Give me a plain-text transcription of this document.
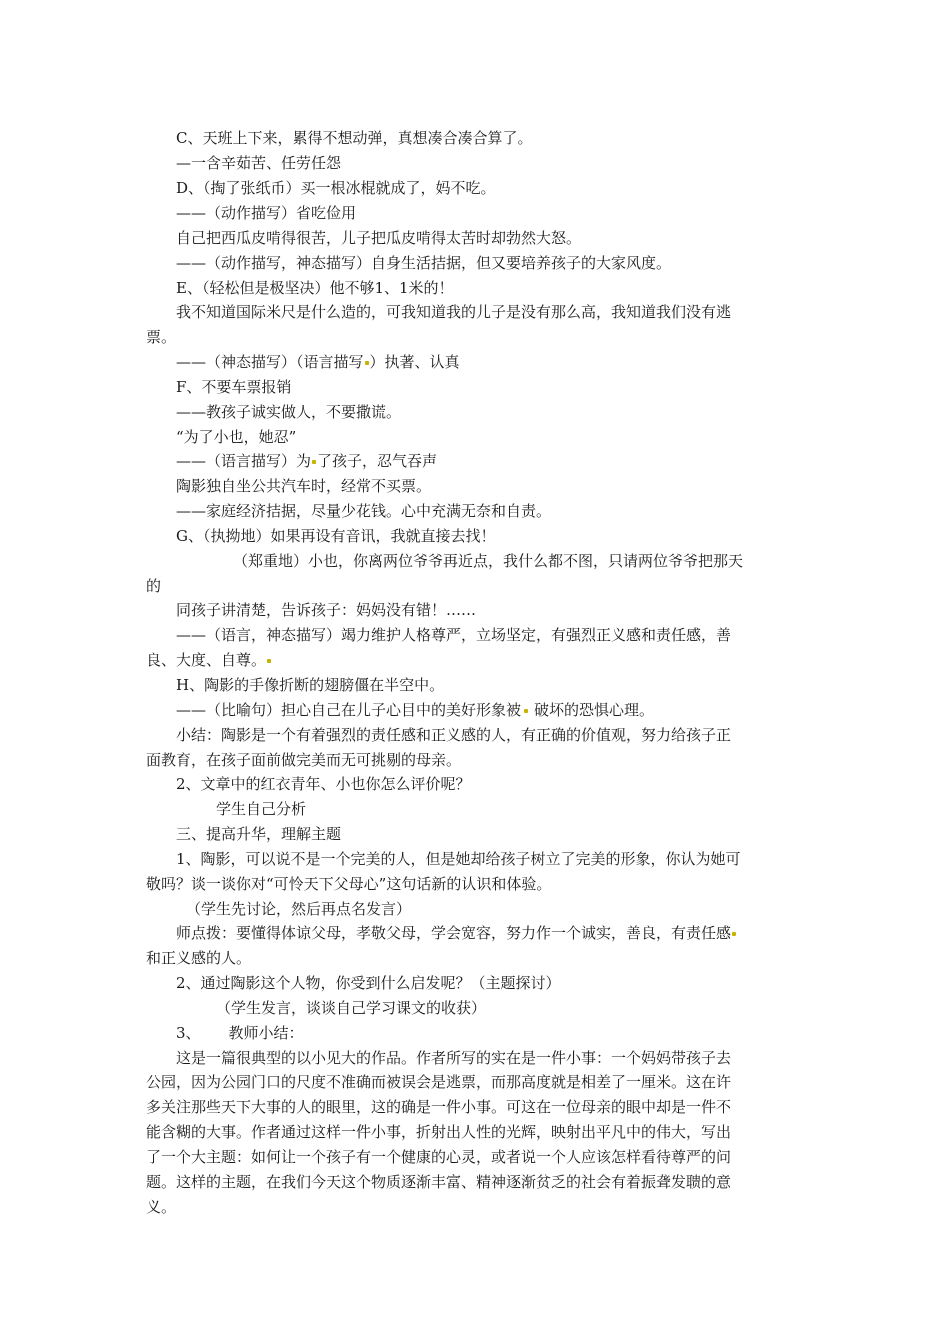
C、天班上下来，累得不想动弹，真想凑合凑合算了。
—一含辛茹苦、任劳任怨
D、（掏了张纸币）买一根冰棍就成了，妈不吃。
——（动作描写）省吃俭用
自己把西瓜皮啃得很苦，儿子把瓜皮啃得太苦时却勃然大怒。
——（动作描写，神态描写）自身生活拮据，但又要培养孩子的大家风度。
E、（轻松但是极坚决）他不够1、1米的！
我不知道国际米尺是什么造的，可我知道我的儿子是没有那么高，我知道我们没有逃
票。
——（神态描写）（语言描写 ）执著、认真
F、不要车票报销
——教孩子诚实做人，不要撒谎。
“为了小也，她忍”
——（语言描写）为 了孩子，忍气吞声
陶影独自坐公共汽车时，经常不买票。
——家庭经济拮据，尽量少花钱。心中充满无奈和自责。
G、（执拗地）如果再设有音讯，我就直接去找！
（郑重地）小也，你离两位爷爷再近点，我什么都不图，只请两位爷爷把那天
的
同孩子讲清楚，告诉孩子：妈妈没有错！……
——（语言，神态描写）竭力维护人格尊严，立场坚定，有强烈正义感和责任感，善
良、大度、自尊。
H、陶影的手像折断的翅膀僵在半空中。
——（比喻句）担心自己在儿子心目中的美好形象被 破坏的恐惧心理。
小结：陶影是一个有着强烈的责任感和正义感的人，有正确的价值观，努力给孩子正
面教育，在孩子面前做完美而无可挑剔的母亲。
2、文章中的红衣青年、小也你怎么评价呢？
学生自己分析
三、提高升华，理解主题
1、陶影，可以说不是一个完美的人，但是她却给孩子树立了完美的形象，你认为她可
敬吗？谈一谈你对“可怜天下父母心”这句话新的认识和体验。
（学生先讨论，然后再点名发言）
师点拨：要懂得体谅父母，孝敬父母，学会宽容，努力作一个诚实，善良，有责任感
和正义感的人。
2、通过陶影这个人物，你受到什么启发呢？（主题探讨）
（学生发言，谈谈自己学习课文的收获）
3、 教师小结：
这是一篇很典型的以小见大的作品。作者所写的实在是一件小事：一个妈妈带孩子去
公园，因为公园门口的尺度不准确而被误会是逃票，而那高度就是相差了一厘米。这在许
多关注那些天下大事的人的眼里，这的确是一件小事。可这在一位母亲的眼中却是一件不
能含糊的大事。作者通过这样一件小事，折射出人性的光辉，映射出平凡中的伟大，写出
了一个大主题：如何让一个孩子有一个健康的心灵，或者说一个人应该怎样看待尊严的问
题。这样的主题，在我们今天这个物质逐渐丰富、精神逐渐贫乏的社会有着振聋发聩的意
义。
